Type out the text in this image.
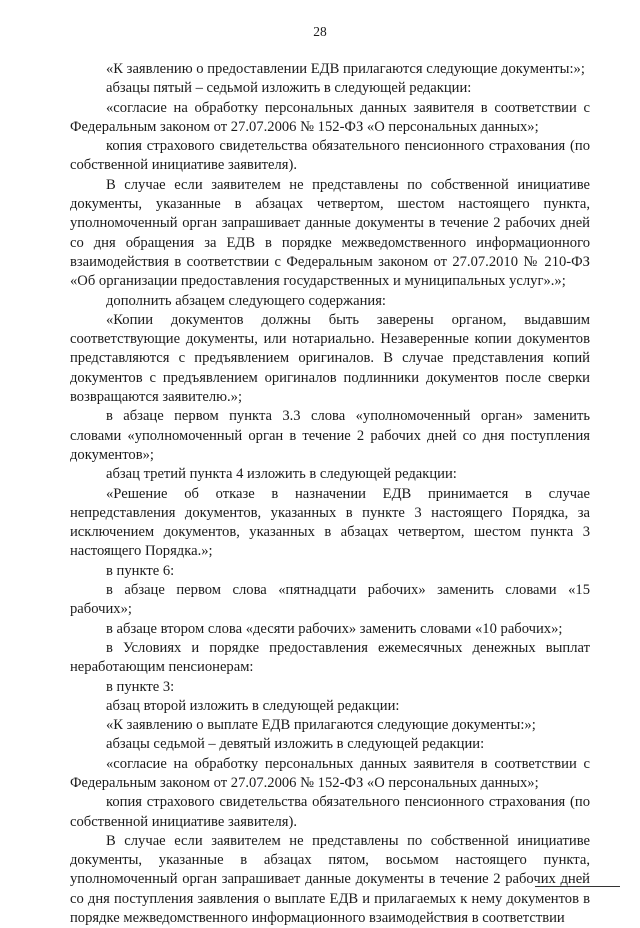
28

«К заявлению о предоставлении ЕДВ прилагаются следующие документы:»;

абзацы пятый – седьмой изложить в следующей редакции:

«согласие на обработку персональных данных заявителя в соответствии с Федеральным законом от 27.07.2006 № 152-ФЗ «О персональных данных»;

копия страхового свидетельства обязательного пенсионного страхования (по собственной инициативе заявителя).

В случае если заявителем не представлены по собственной инициативе документы, указанные в абзацах четвертом, шестом настоящего пункта, уполномоченный орган запрашивает данные документы в течение 2 рабочих дней со дня обращения за ЕДВ в порядке межведомственного информационного взаимодействия в соответствии с Федеральным законом от 27.07.2010 № 210-ФЗ «Об организации предоставления государственных и муниципальных услуг».»;

дополнить абзацем следующего содержания:

«Копии документов должны быть заверены органом, выдавшим соответствующие документы, или нотариально. Незаверенные копии документов представляются с предъявлением оригиналов. В случае представления копий документов с предъявлением оригиналов подлинники документов после сверки возвращаются заявителю.»;

в абзаце первом пункта 3.3 слова «уполномоченный орган» заменить словами «уполномоченный орган в течение 2 рабочих дней со дня поступления документов»;

абзац третий пункта 4 изложить в следующей редакции:

«Решение об отказе в назначении ЕДВ принимается в случае непредставления документов, указанных в пункте 3 настоящего Порядка, за исключением документов, указанных в абзацах четвертом, шестом пункта 3 настоящего Порядка.»;

в пункте 6:

в абзаце первом слова «пятнадцати рабочих» заменить словами «15 рабочих»;

в абзаце втором слова «десяти рабочих» заменить словами «10 рабочих»;

в Условиях и порядке предоставления ежемесячных денежных выплат неработающим пенсионерам:

в пункте 3:

абзац второй изложить в следующей редакции:

«К заявлению о выплате ЕДВ прилагаются следующие документы:»;

абзацы седьмой – девятый изложить в следующей редакции:

«согласие на обработку персональных данных заявителя в соответствии с Федеральным законом от 27.07.2006 № 152-ФЗ «О персональных данных»;

копия страхового свидетельства обязательного пенсионного страхования (по собственной инициативе заявителя).

В случае если заявителем не представлены по собственной инициативе документы, указанные в абзацах пятом, восьмом настоящего пункта, уполномоченный орган запрашивает данные документы в течение 2 рабочих дней со дня поступления заявления о выплате ЕДВ и прилагаемых к нему документов в порядке межведомственного информационного взаимодействия в соответствии
